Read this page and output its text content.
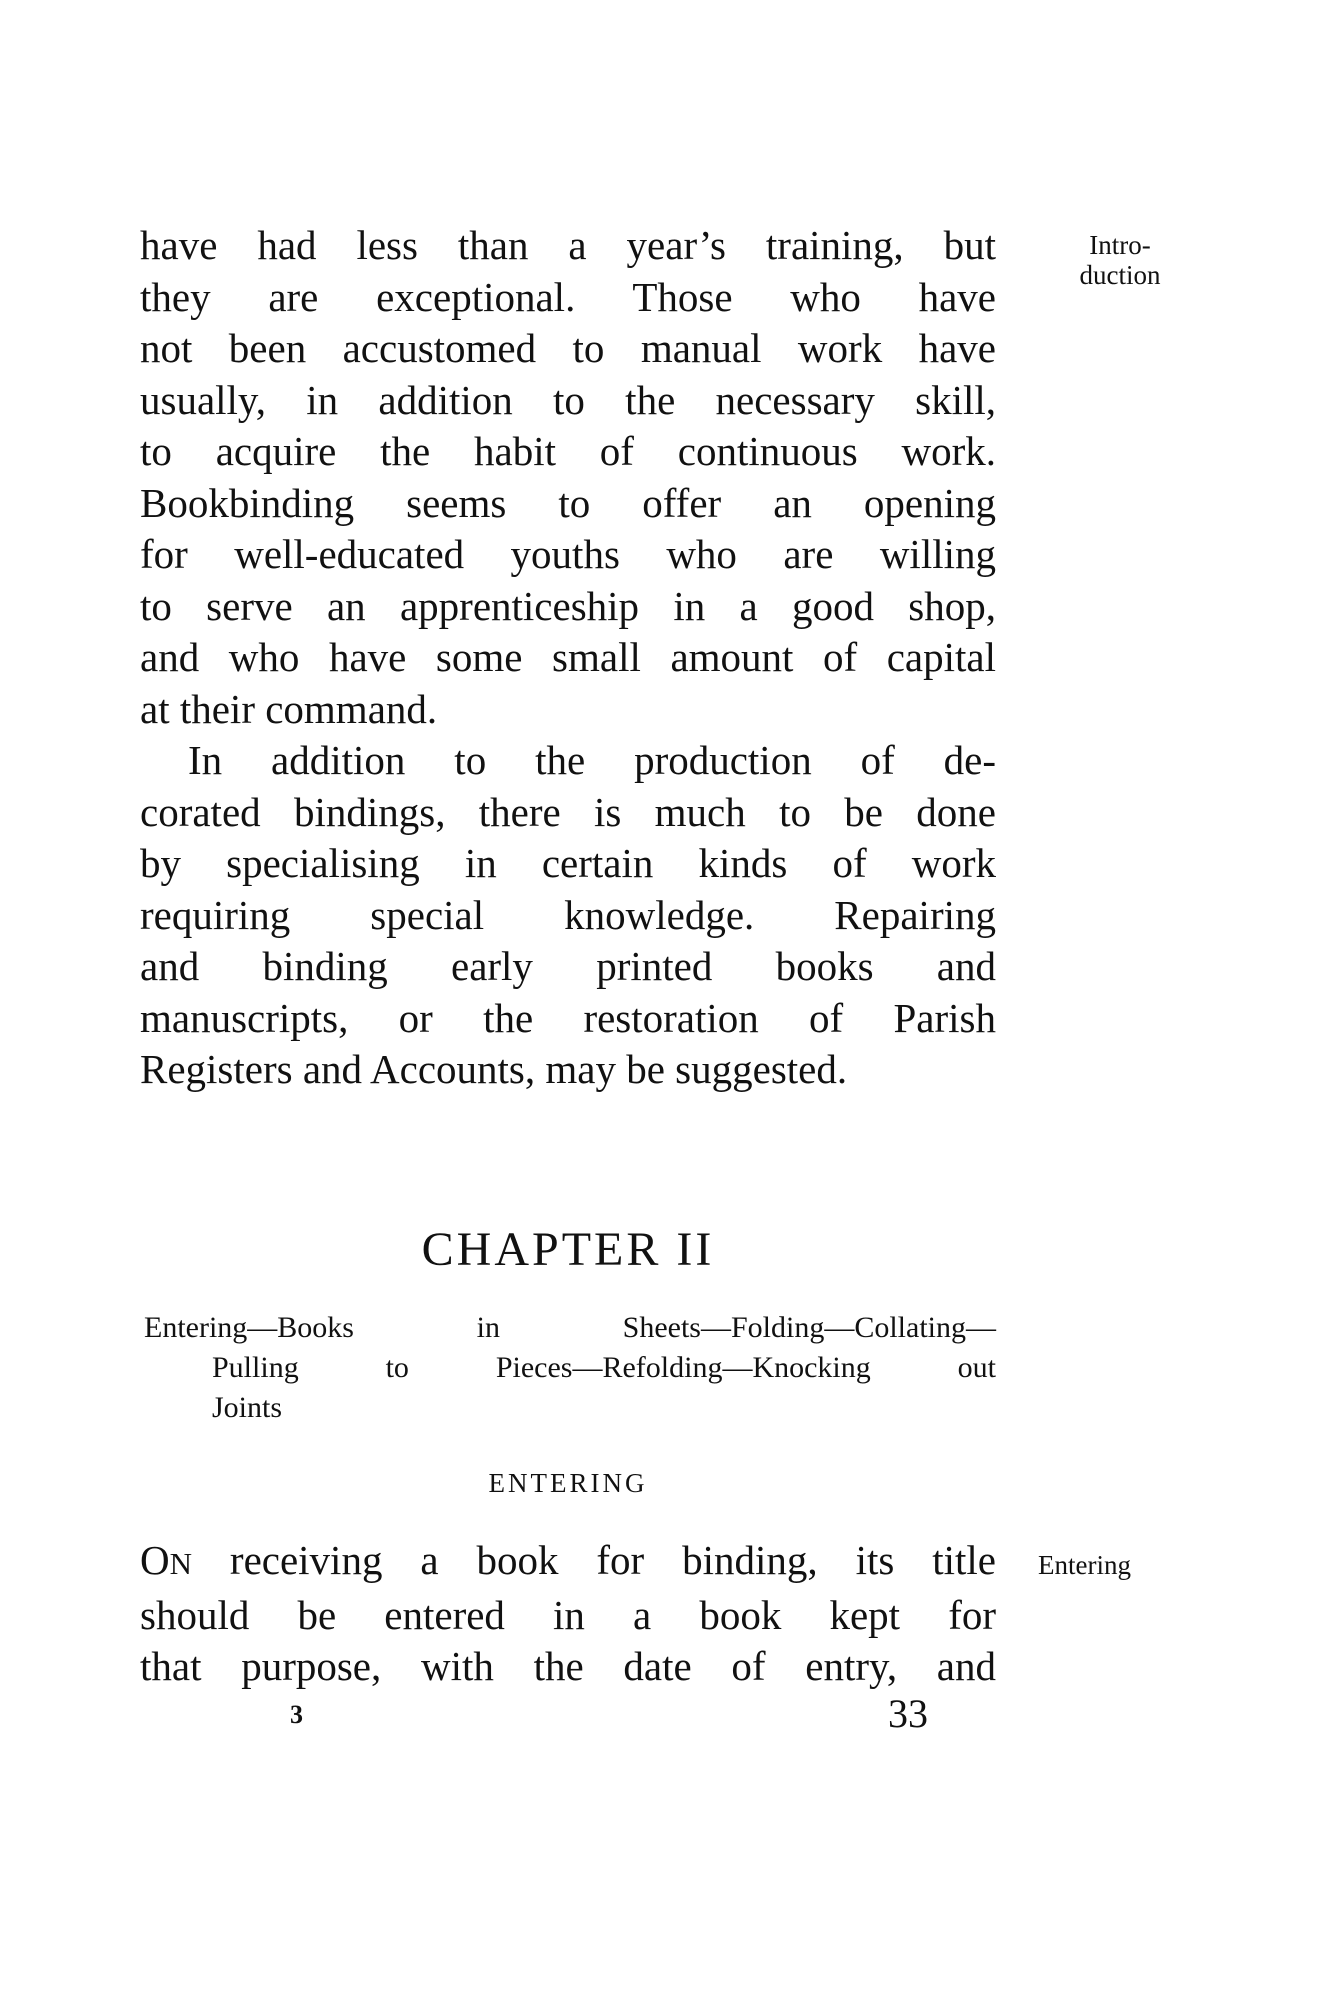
have had less than a year’s training, but
they are exceptional. Those who have
not been accustomed to manual work have
usually, in addition to the necessary skill,
to acquire the habit of continuous work.
Bookbinding seems to offer an opening
for well-educated youths who are willing
to serve an apprenticeship in a good shop,
and who have some small amount of capital
at their command.

In addition to the production of de-
corated bindings, there is much to be done
by specialising in certain kinds of work
requiring special knowledge. Repairing
and binding early printed books and
manuscripts, or the restoration of Parish
Registers and Accounts, may be suggested.

Intro-
duction
CHAPTER II
Entering—Books in Sheets—Folding—Collating—
Pulling to Pieces—Refolding—Knocking out
Joints
ENTERING
ON receiving a book for binding, its title
should be entered in a book kept for
that purpose, with the date of entry, and
Entering
3	33
